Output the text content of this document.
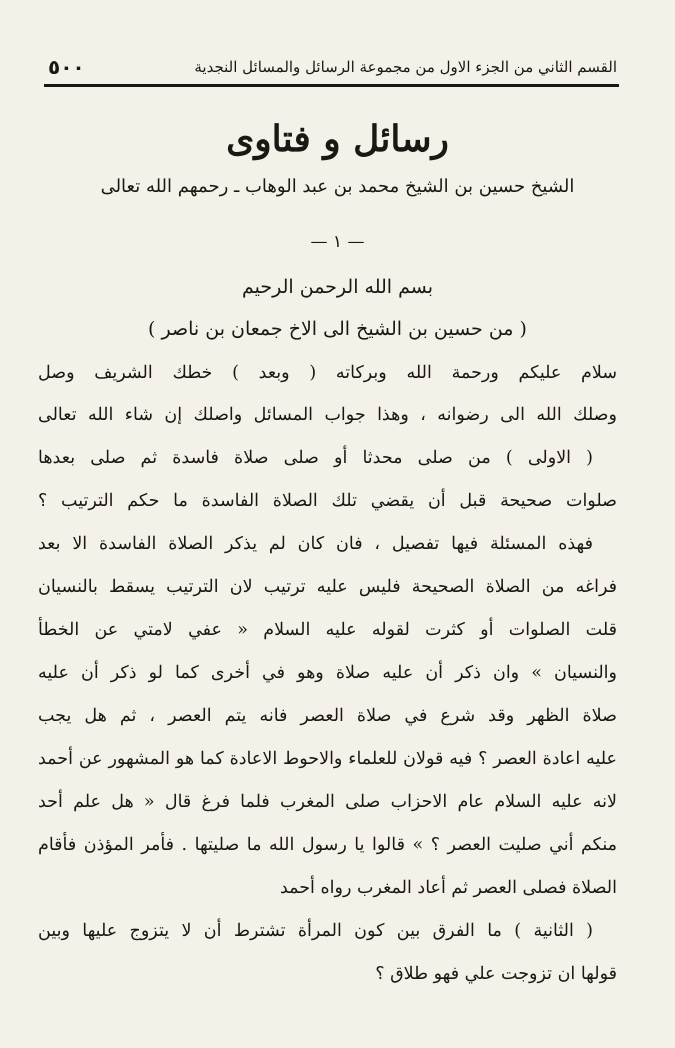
٥٠٠	القسم الثاني من الجزء الاول من مجموعة الرسائل والمسائل النجدية
رسائل و فتاوى
الشيخ حسين بن الشيخ محمد بن عبد الوهاب ـ رحمهم الله تعالى
— ١ —
بسم الله الرحمن الرحيم
( من حسين بن الشيخ الى الاخ جمعان بن ناصر )
سلام عليكم ورحمة الله وبركاته ( وبعد ) خطك الشريف وصل
وصلك الله الى رضوانه ، وهذا جواب المسائل واصلك إن شاء الله تعالى
( الاولى ) من صلى محدثا أو صلى صلاة فاسدة ثم صلى بعدها
صلوات صحيحة قبل أن يقضي تلك الصلاة الفاسدة ما حكم الترتيب ؟
فهذه المسئلة فيها تفصيل ، فان كان لم يذكر الصلاة الفاسدة الا بعد
فراغه من الصلاة الصحيحة فليس عليه ترتيب لان الترتيب يسقط بالنسيان
قلت الصلوات أو كثرت لقوله عليه السلام « عفي لامتي عن الخطأ
والنسيان » وان ذكر أن عليه صلاة وهو في أخرى كما لو ذكر أن عليه
صلاة الظهر وقد شرع في صلاة العصر فانه يتم العصر ، ثم هل يجب
عليه اعادة العصر ؟ فيه قولان للعلماء والاحوط الاعادة كما هو المشهور عن أحمد
لانه عليه السلام عام الاحزاب صلى المغرب فلما فرغ قال « هل علم أحد
منكم أني صليت العصر ؟ » قالوا يا رسول الله ما صليتها . فأمر المؤذن فأقام
الصلاة فصلى العصر ثم أعاد المغرب رواه أحمد
( الثانية ) ما الفرق بين كون المرأة تشترط أن لا يتزوج عليها وبين
قولها ان تزوجت علي فهو طلاق ؟
